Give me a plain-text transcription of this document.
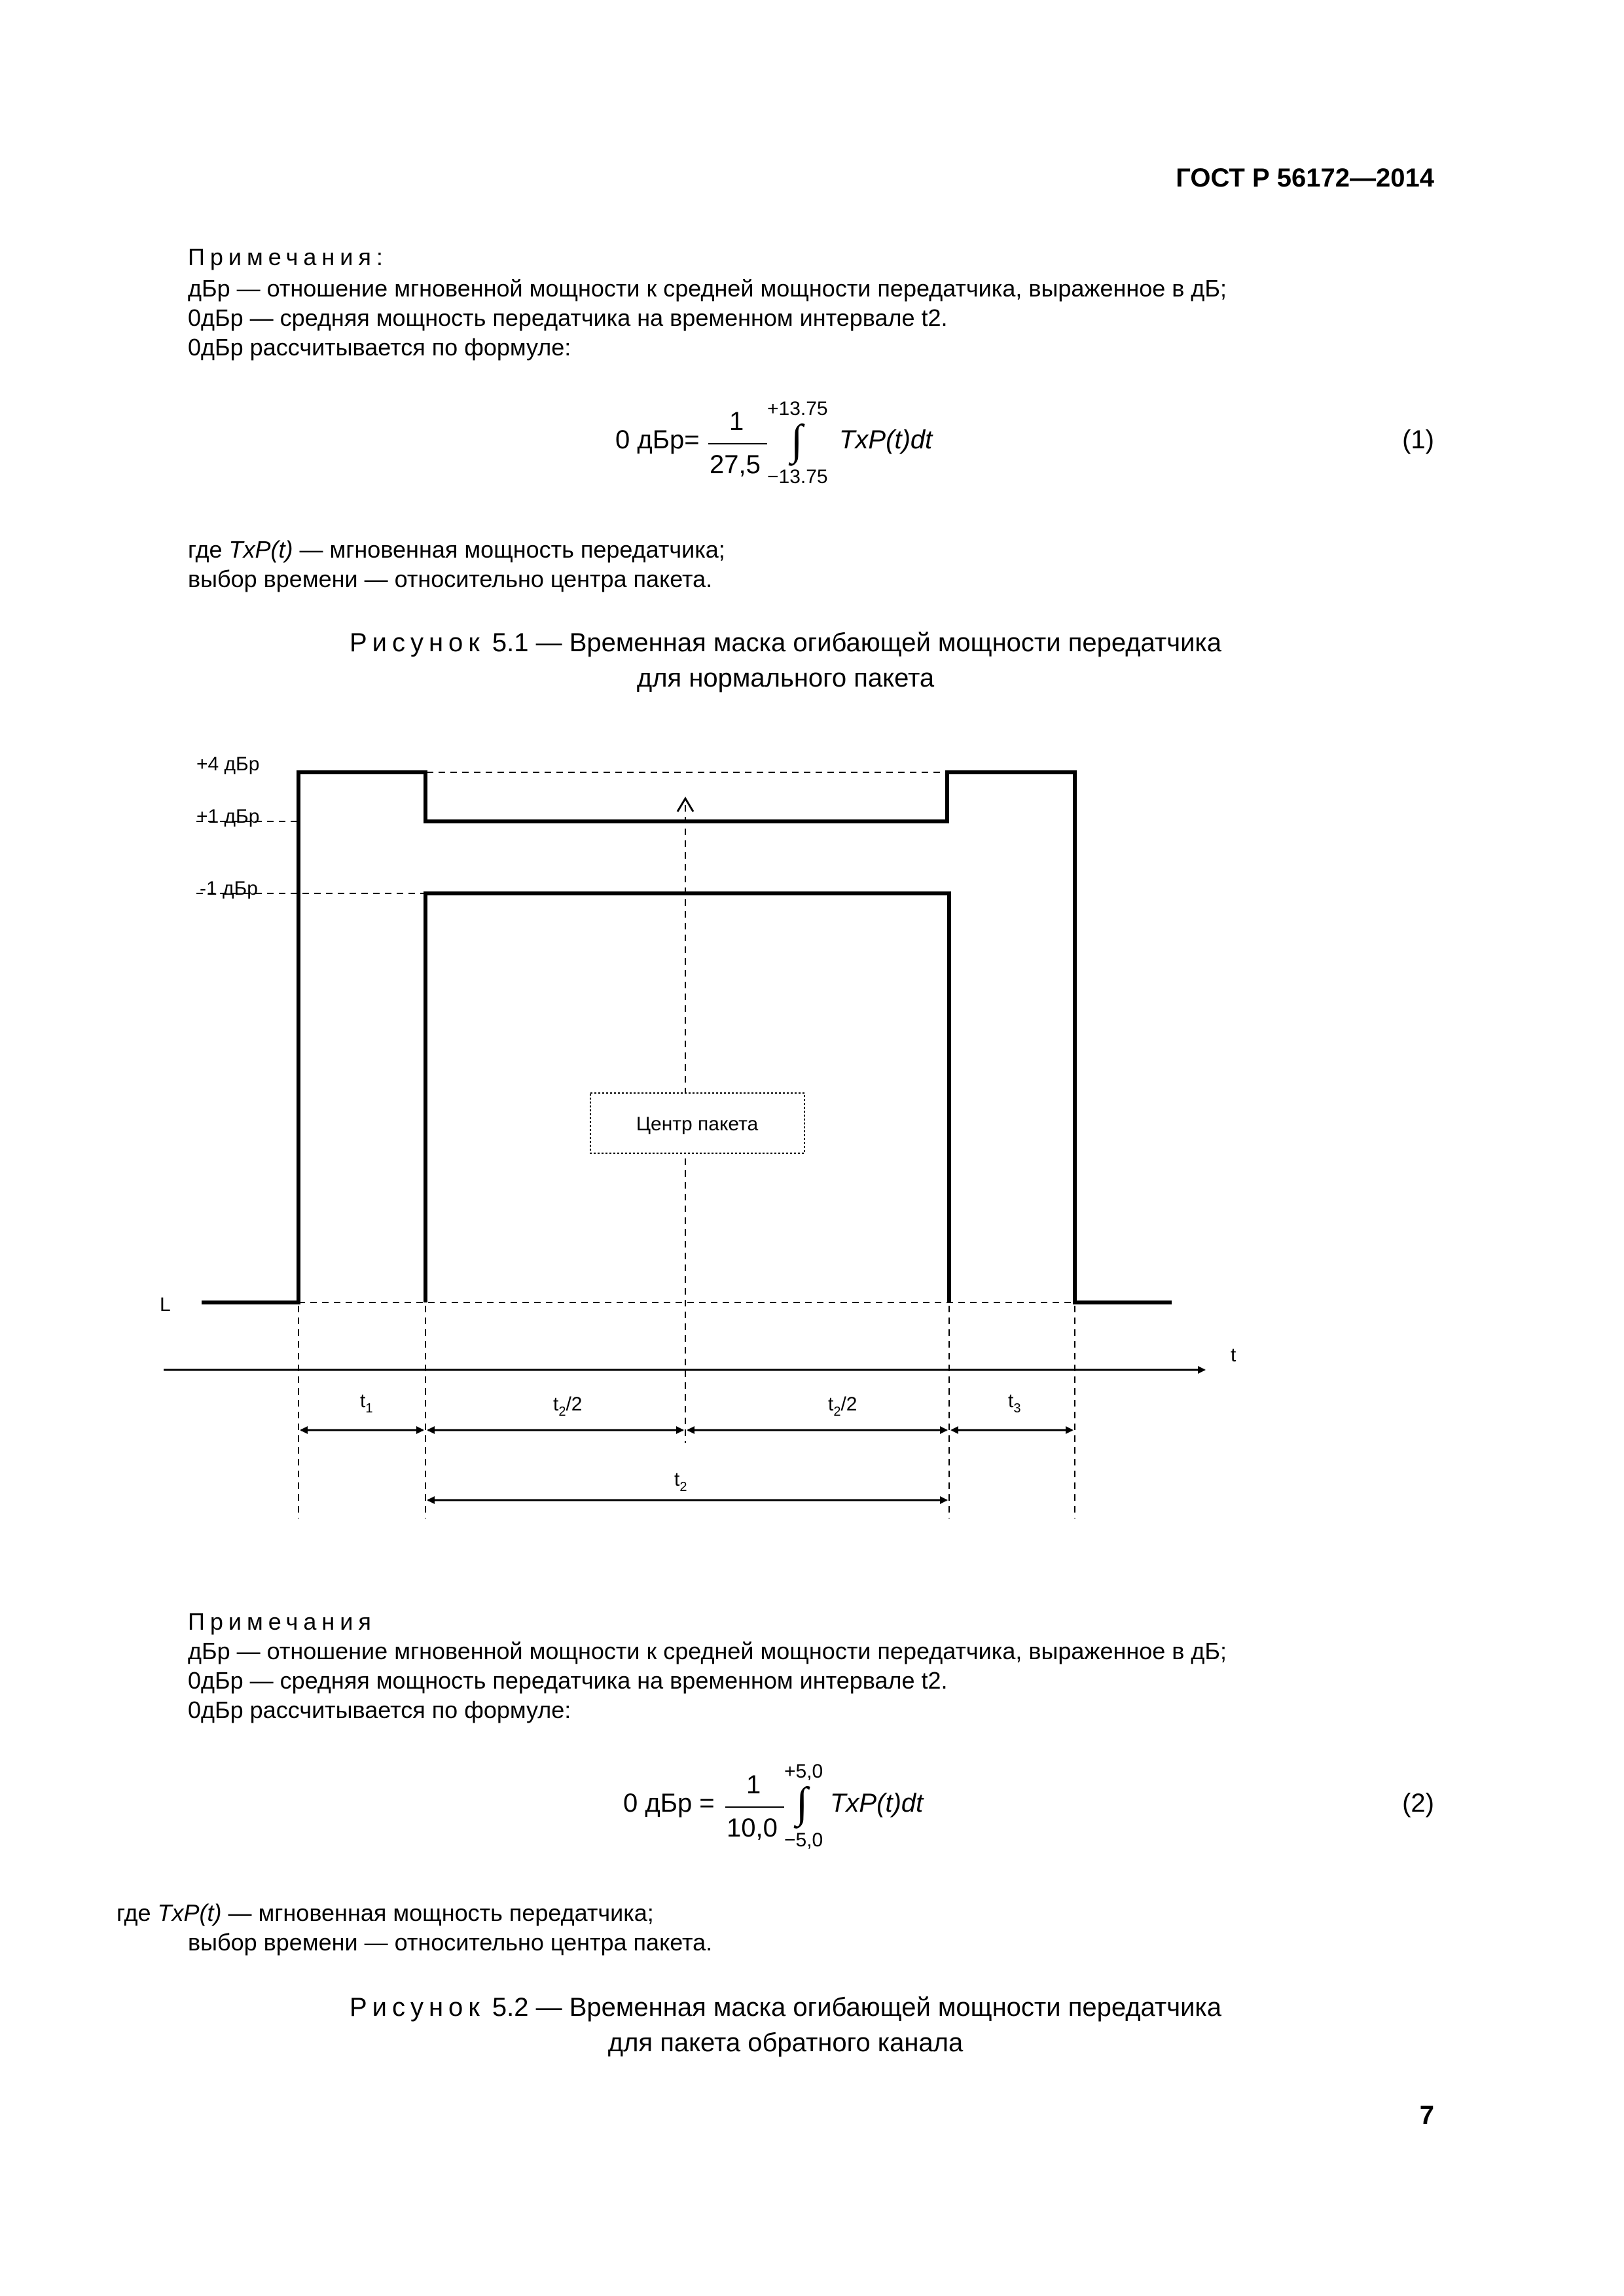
ГОСТ Р 56172—2014
Примечания:
дБр — отношение мгновенной мощности к средней мощности передатчика, выраженное в дБ;
0дБр — средняя мощность передатчика на временном интервале t2.
0дБр рассчитывается по формуле:
0 дБр=
1
27,5
+13.75
∫
−13.75
TxP(t)dt	(1)
где TxP(t) — мгновенная мощность передатчика;
выбор времени — относительно центра пакета.
Рисунок 5.1 — Временная маска огибающей мощности передатчика
для нормального пакета
+4 дБр
+1 дБр
-1 дБр
L
t
Центр пакета
$t_1$	$t_2/2$	$t_2/2$	$t_3$
$t_2$
Примечания
дБр — отношение мгновенной мощности к средней мощности передатчика, выраженное в дБ;
0дБр — средняя мощность передатчика на временном интервале t2.
0дБр рассчитывается по формуле:
0 дБр =
1
10,0
+5,0
∫
−5,0
TxP(t)dt	(2)
где TxP(t) — мгновенная мощность передатчика;
выбор времени — относительно центра пакета.
Рисунок 5.2 — Временная маска огибающей мощности передатчика
для пакета обратного канала
7
